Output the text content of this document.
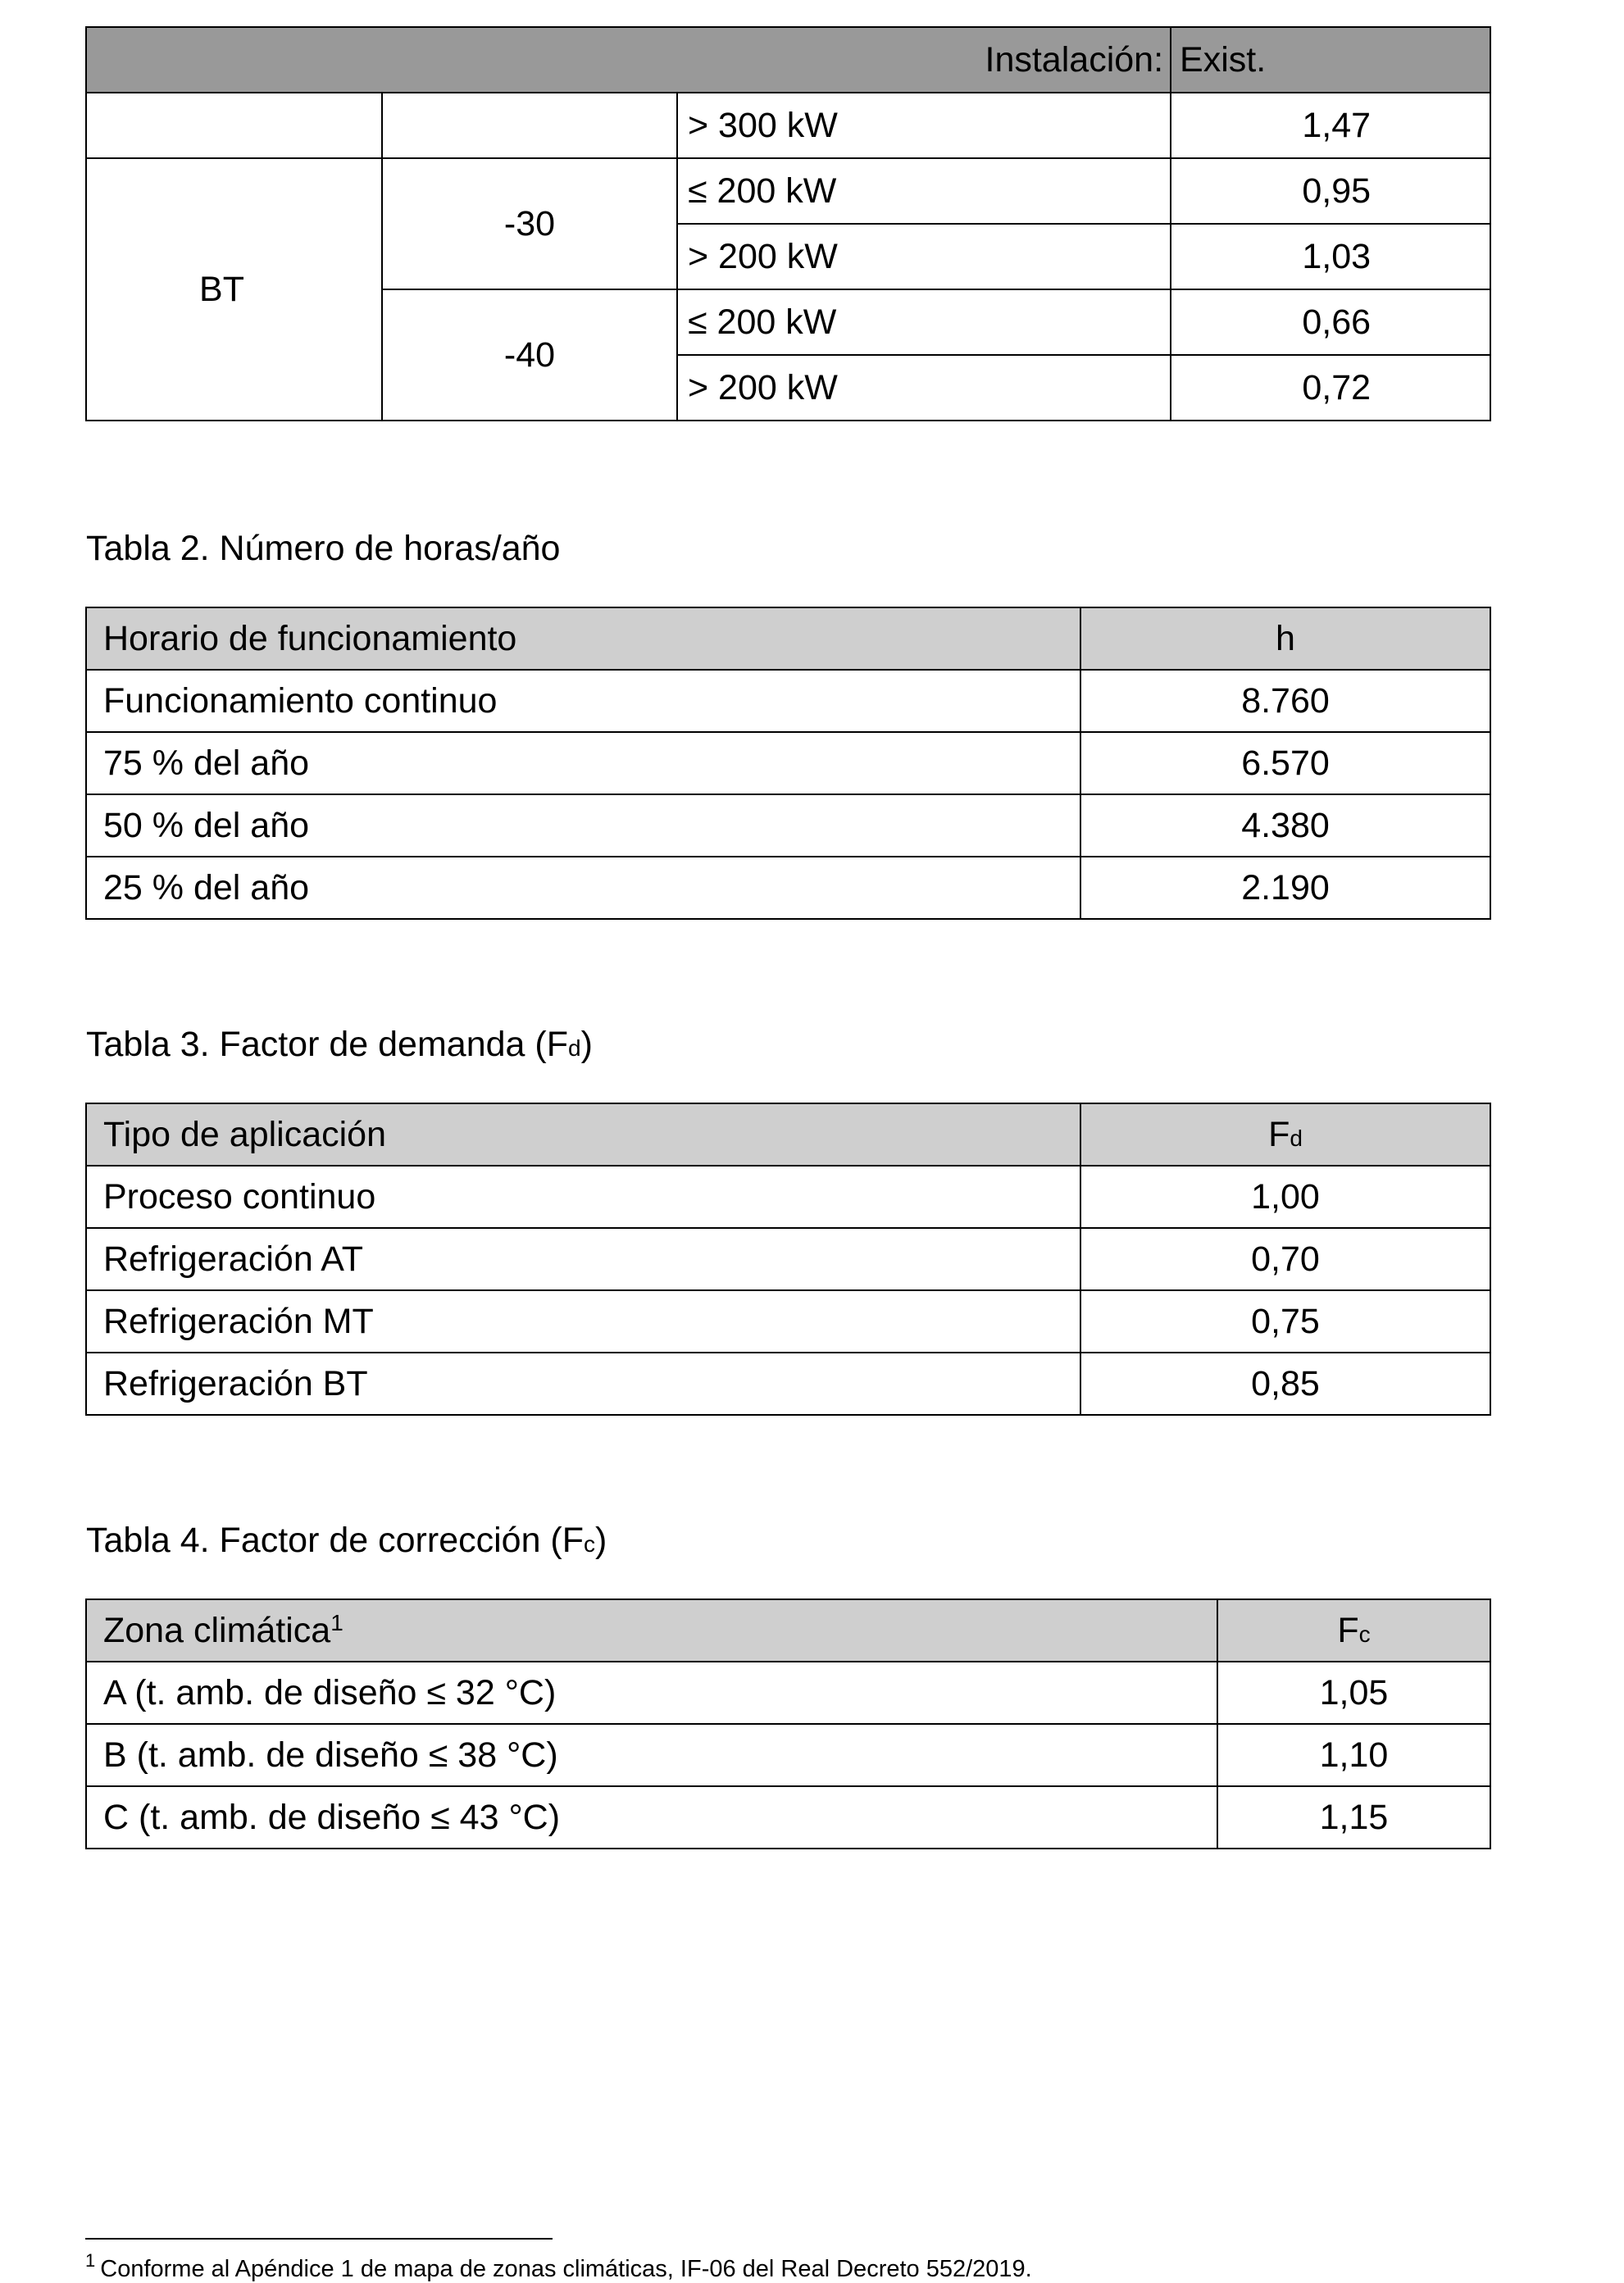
Instalación:			Exist.
		> 300 kW	1,47
BT	-30	≤ 200 kW	0,95
		> 200 kW	1,03
	-40	≤ 200 kW	0,66
		> 200 kW	0,72
Tabla 2. Número de horas/año
Horario de funcionamiento	h
Funcionamiento continuo	8.760
75 % del año	6.570
50 % del año	4.380
25 % del año	2.190
Tabla 3. Factor de demanda (Fd)
Tipo de aplicación	Fd
Proceso continuo	1,00
Refrigeración AT	0,70
Refrigeración MT	0,75
Refrigeración BT	0,85
Tabla 4. Factor de corrección (Fc)
Zona climática$^1$	Fc
A (t. amb. de diseño ≤ 32 °C)	1,05
B (t. amb. de diseño ≤ 38 °C)	1,10
C (t. amb. de diseño ≤ 43 °C)	1,15
$^1$ Conforme al Apéndice 1 de mapa de zonas climáticas, IF-06 del Real Decreto 552/2019.
